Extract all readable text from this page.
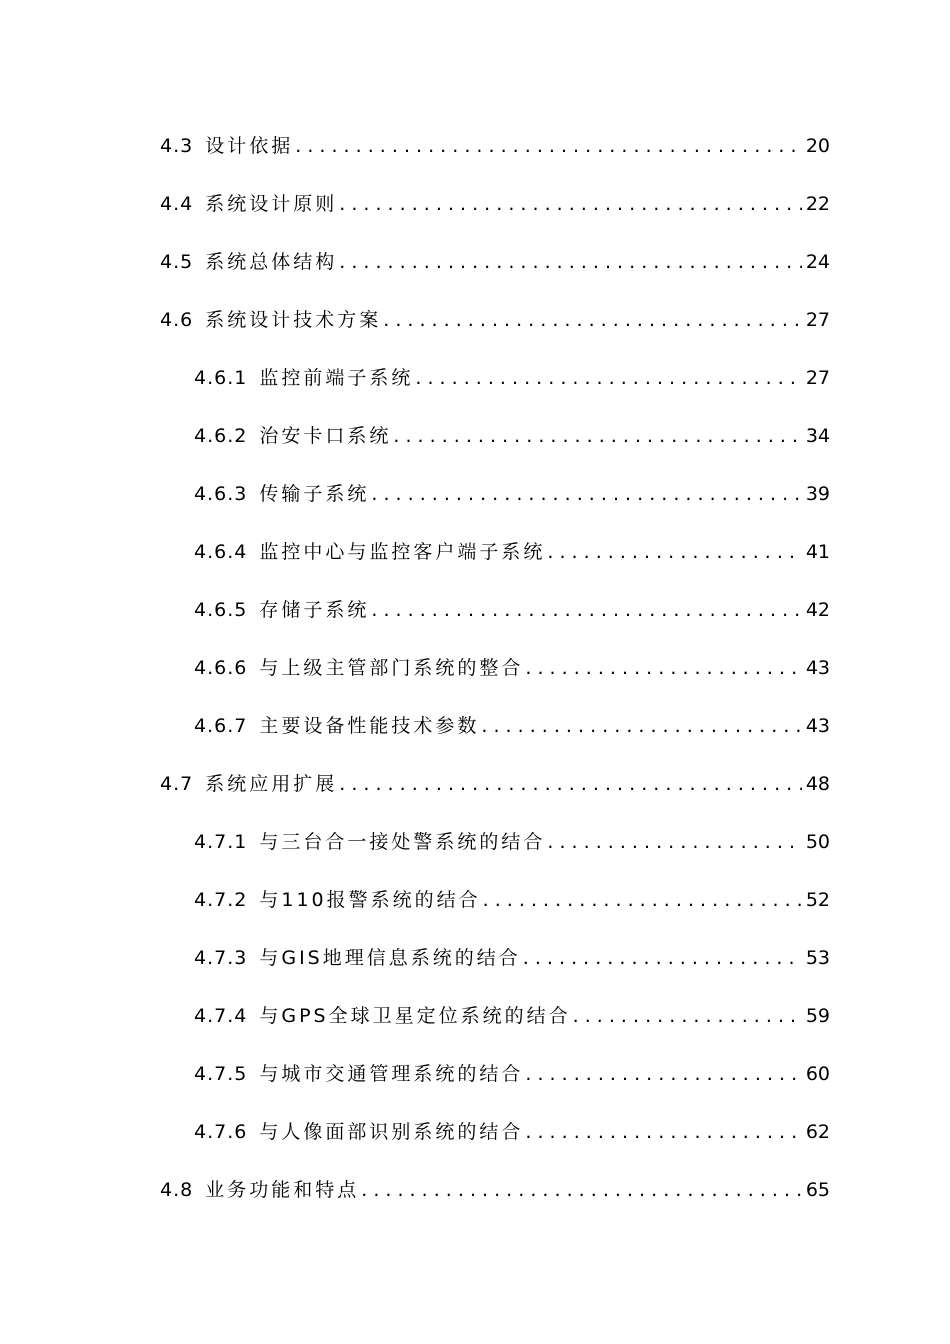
4.3 设计依据 . . .	20
4.4 系统设计原则 . . .	22
4.5 系统总体结构 . . .	24
4.6 系统设计技术方案 . . .	27
4.6.1 监控前端子系统 . . .	27
4.6.2 治安卡口系统 . . .	34
4.6.3 传输子系统 . . .	39
4.6.4 监控中心与监控客户端子系统 . . .	41
4.6.5 存储子系统 . . .	42
4.6.6 与上级主管部门系统的整合 . . .	43
4.6.7 主要设备性能技术参数 . . .	43
4.7 系统应用扩展 . . .	48
4.7.1 与三台合一接处警系统的结合 . . .	50
4.7.2 与110报警系统的结合 . . .	52
4.7.3 与GIS地理信息系统的结合 . . .	53
4.7.4 与GPS全球卫星定位系统的结合 . . .	59
4.7.5 与城市交通管理系统的结合 . . .	60
4.7.6 与人像面部识别系统的结合 . . .	62
4.8 业务功能和特点 . . .	65
